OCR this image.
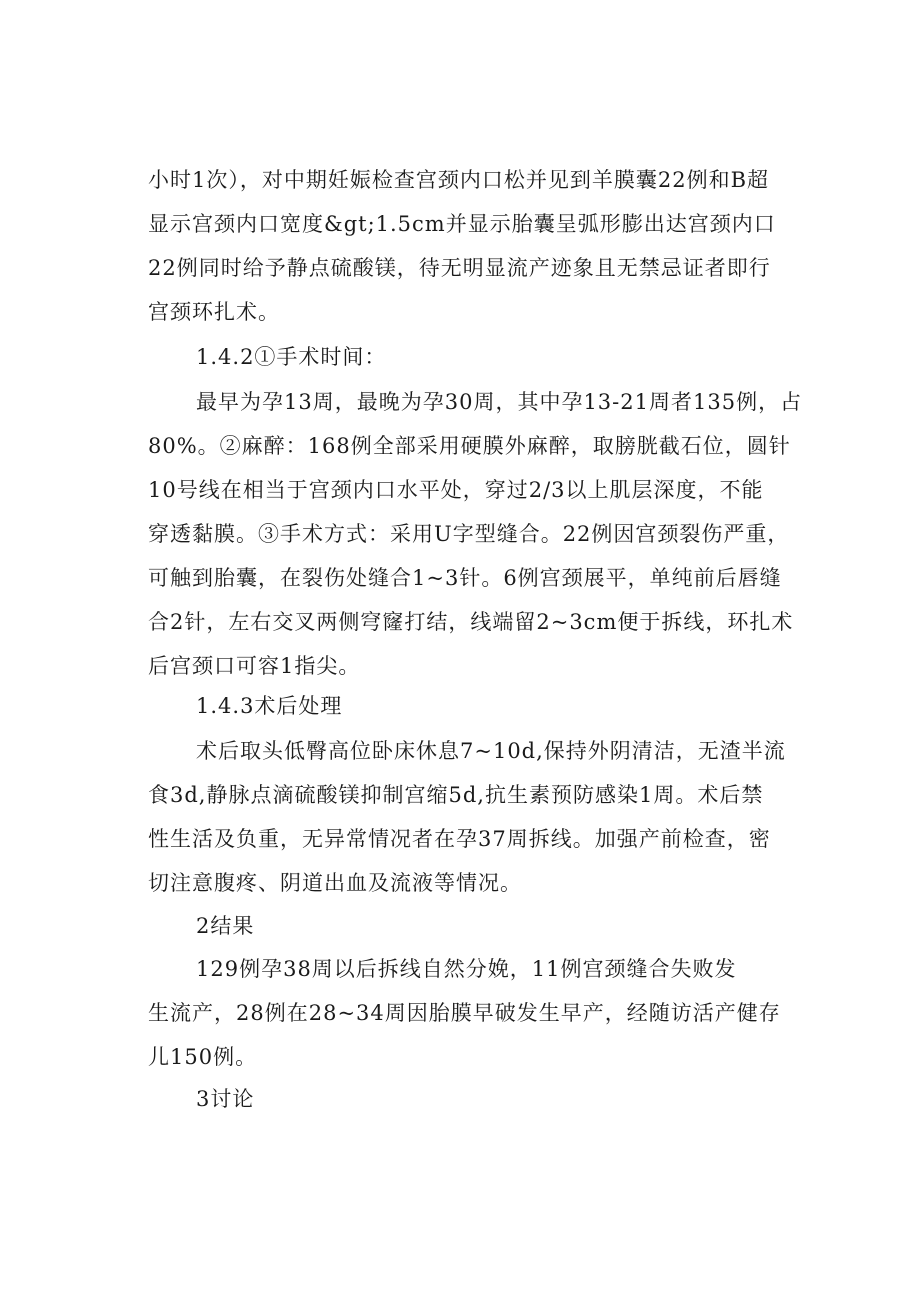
小时1次），对中期妊娠检查宫颈内口松并见到羊膜囊22例和B超
显示宫颈内口宽度&gt;1.5cm并显示胎囊呈弧形膨出达宫颈内口
22例同时给予静点硫酸镁，待无明显流产迹象且无禁忌证者即行
宫颈环扎术。

1.4.2①手术时间：

最早为孕13周，最晚为孕30周，其中孕13-21周者135例，占
80%。②麻醉：168例全部采用硬膜外麻醉，取膀胱截石位，圆针
10号线在相当于宫颈内口水平处，穿过2/3以上肌层深度，不能
穿透黏膜。③手术方式：采用U字型缝合。22例因宫颈裂伤严重，
可触到胎囊，在裂伤处缝合1~3针。6例宫颈展平，单纯前后唇缝
合2针，左右交叉两侧穹窿打结，线端留2~3cm便于拆线，环扎术
后宫颈口可容1指尖。

1.4.3术后处理

术后取头低臀高位卧床休息7~10d,保持外阴清洁，无渣半流
食3d,静脉点滴硫酸镁抑制宫缩5d,抗生素预防感染1周。术后禁
性生活及负重，无异常情况者在孕37周拆线。加强产前检查，密
切注意腹疼、阴道出血及流液等情况。

2结果

129例孕38周以后拆线自然分娩，11例宫颈缝合失败发
生流产，28例在28~34周因胎膜早破发生早产，经随访活产健存
儿150例。

3讨论
